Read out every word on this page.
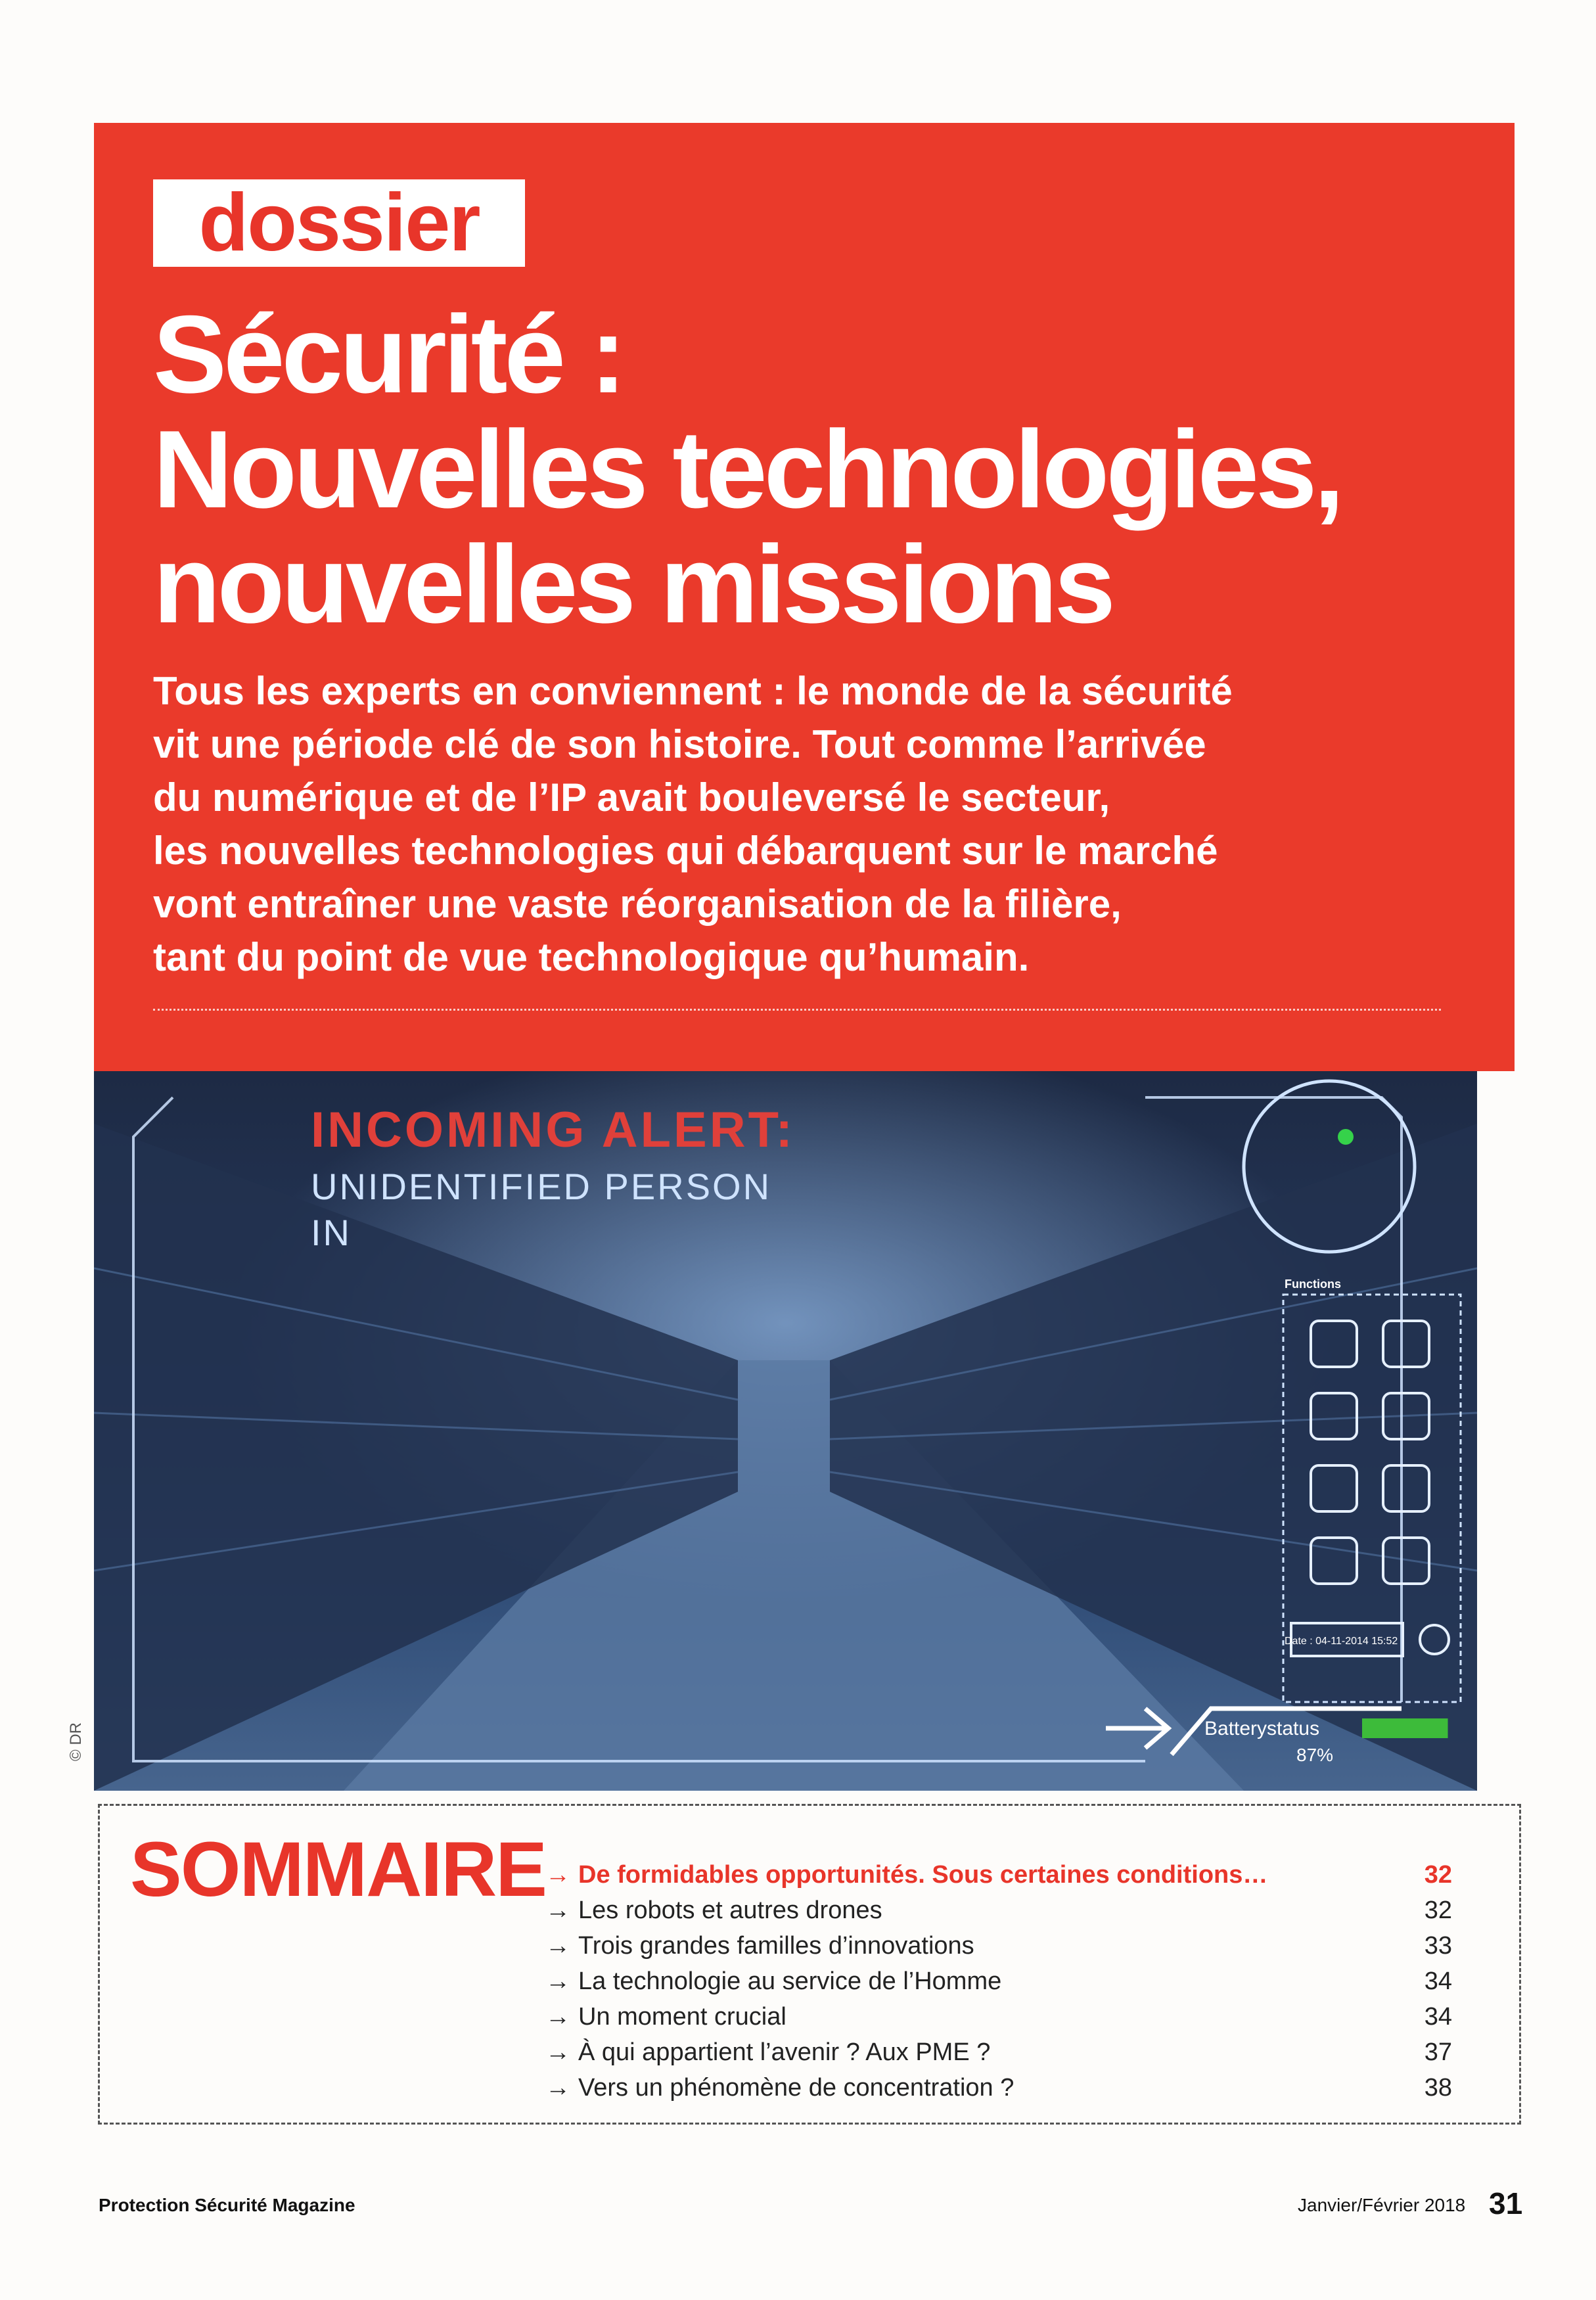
dossier
Sécurité :
Nouvelles technologies,
nouvelles missions
Tous les experts en conviennent : le monde de la sécurité
vit une période clé de son histoire. Tout comme l’arrivée
du numérique et de l’IP avait bouleversé le secteur,
les nouvelles technologies qui débarquent sur le marché
vont entraîner une vaste réorganisation de la filière,
tant du point de vue technologique qu’humain.
INCOMING ALERT:
UNIDENTIFIED PERSON
IN
Functions
Date : 04-11-2014 15:52
Batterystatus
87%
© DR
SOMMAIRE → De formidables opportunités. Sous certaines conditions…	32
→ Les robots et autres drones	32
→ Trois grandes familles d’innovations	33
→ La technologie au service de l’Homme	34
→ Un moment crucial	34
→ À qui appartient l’avenir ? Aux PME ?	37
→ Vers un phénomène de concentration ?	38
Protection Sécurité Magazine	Janvier/Février 2018 31
